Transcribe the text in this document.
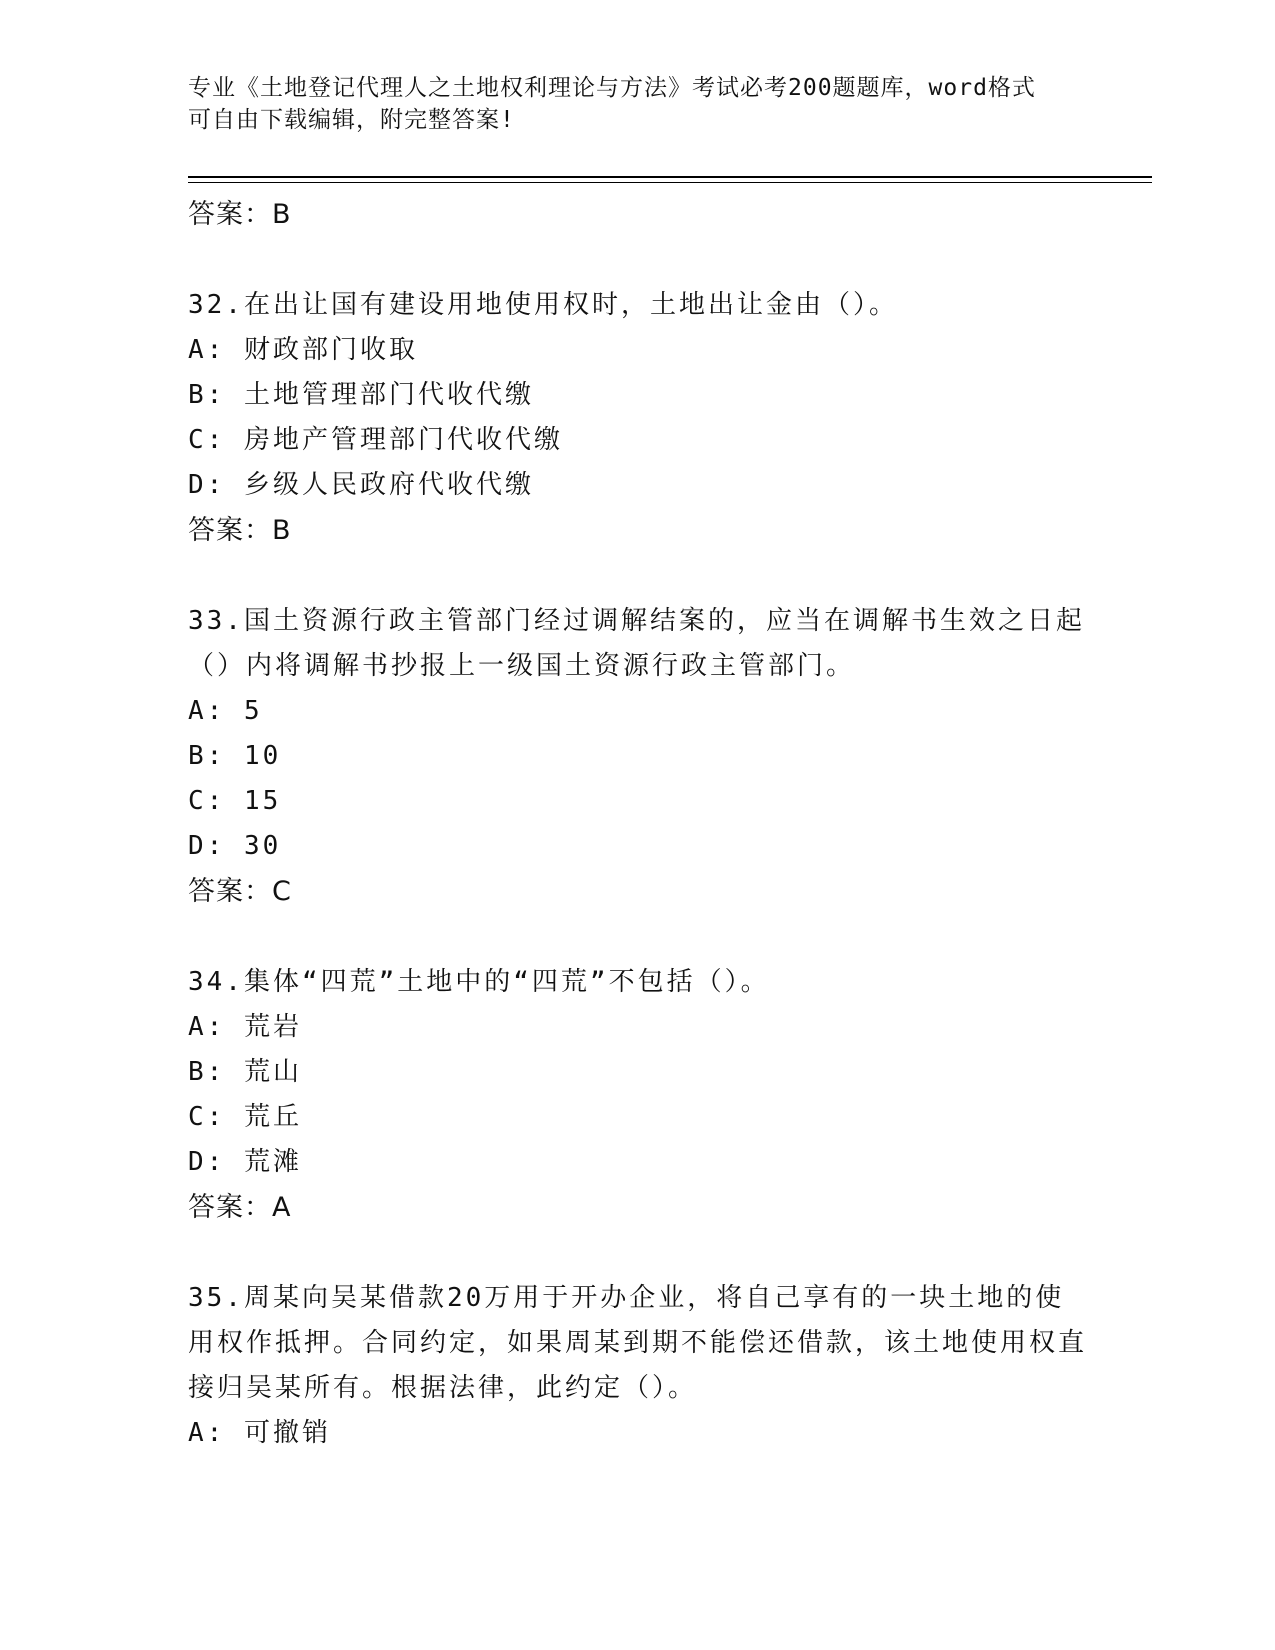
专业《土地登记代理人之土地权利理论与方法》考试必考200题题库，word格式
可自由下载编辑，附完整答案!
答案：B
32.在出让国有建设用地使用权时，土地出让金由（）。
A: 财政部门收取
B: 土地管理部门代收代缴
C: 房地产管理部门代收代缴
D: 乡级人民政府代收代缴
答案：B
33.国土资源行政主管部门经过调解结案的，应当在调解书生效之日起（）内将调解书抄报上一级国土资源行政主管部门。
A: 5
B: 10
C: 15
D: 30
答案：C
34.集体“四荒”土地中的“四荒”不包括（）。
A: 荒岩
B: 荒山
C: 荒丘
D: 荒滩
答案：A
35.周某向吴某借款20万用于开办企业，将自己享有的一块土地的使用权作抵押。合同约定，如果周某到期不能偿还借款，该土地使用权直接归吴某所有。根据法律，此约定（）。
A: 可撤销
